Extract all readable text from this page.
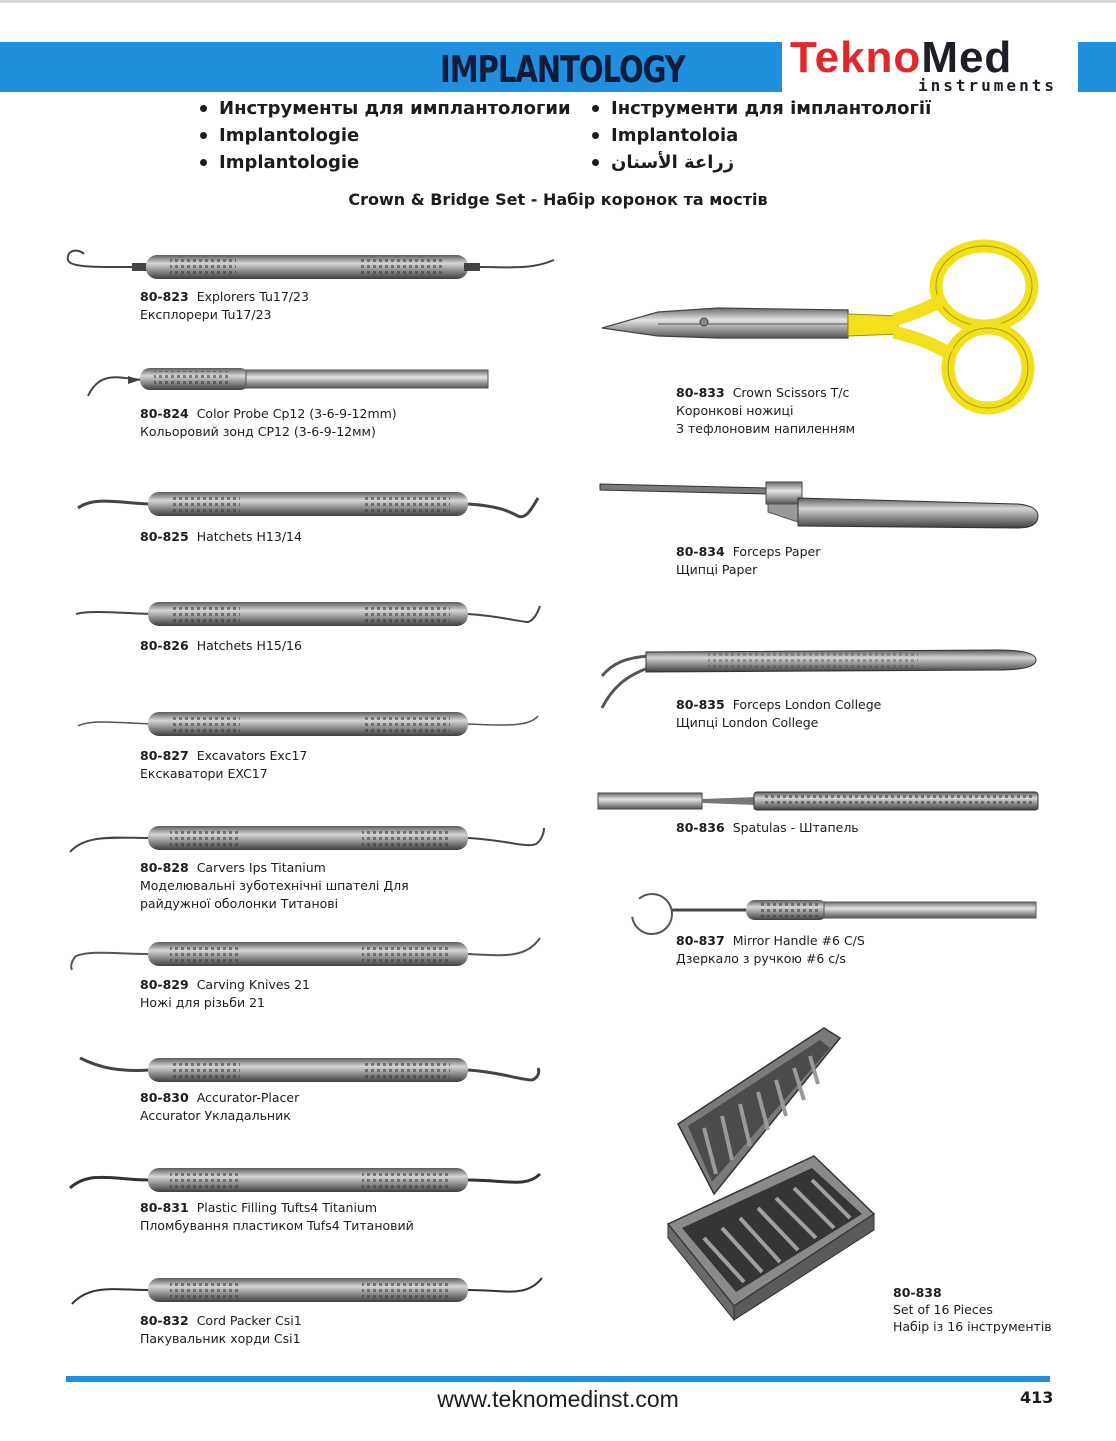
IMPLANTOLOGY TeknoMed
instruments
Инструменты для имплантологии
Implantologie
Implantologie
Інструменти для імплантології
Implantoloia
زراعة الأسنان
Crown & Bridge Set - Набір коронок та мостів
80-823 Explorers Tu17/23
Експлорери Tu17/23
80-824 Color Probe Cp12 (3-6-9-12mm)
Кольоровий зонд CP12 (3-6-9-12мм)
80-825 Hatchets H13/14
80-826 Hatchets H15/16
80-827 Excavators Exc17
Екскаватори EXC17
80-828 Carvers Ips Titanium
Моделювальні зуботехнічні шпателі Для
райдужної оболонки Титанові
80-829 Carving Knives 21
Ножі для різьби 21
80-830 Accurator-Placer
Accurator Укладальник
80-831 Plastic Filling Tufts4 Titanium
Пломбування пластиком Tufs4 Титановий
80-832 Cord Packer Csi1
Пакувальник хорди Csi1
80-833 Crown Scissors T/c
Коронкові ножиці
З тефлоновим напиленням
80-834 Forceps Paper
Щипці Paper
80-835 Forceps London College
Щипці London College
80-836 Spatulas - Штапель
80-837 Mirror Handle #6 C/S
Дзеркало з ручкою #6 c/s
80-838
Set of 16 Pieces
Набір із 16 інструментів
www.teknomedinst.com	413
